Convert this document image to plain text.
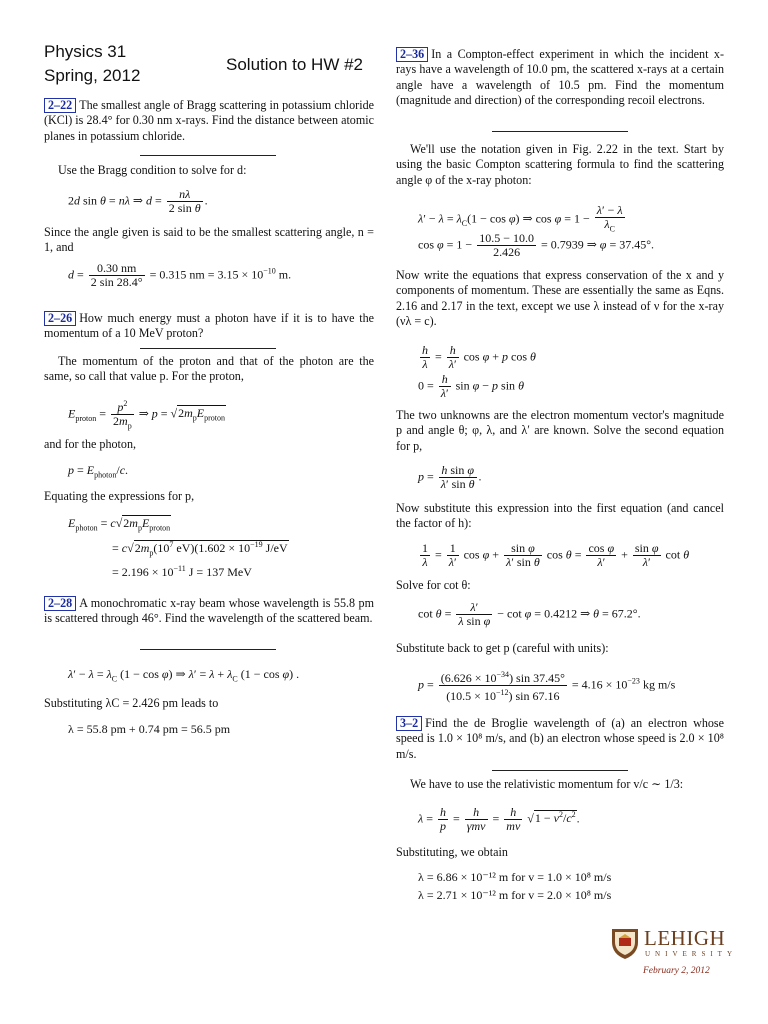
Physics 31
Spring, 2012
Solution to HW #2
2–22 The smallest angle of Bragg scattering in potassium chloride (KCl) is 28.4° for 0.30 nm x-rays. Find the distance between atomic planes in potassium chloride.
Use the Bragg condition to solve for d:
2d sin θ = nλ ⇒ $d = \frac{n\lambda}{\text{2 sin θ}}$ .
Since the angle given is said to be the smallest scattering angle, n = 1, and
$d = \frac{0.30 nm}{2 \sin 28.4^\circ} = 0.315$ nm = $3.15 \times 10^{-10}$ m.
2–26 How much energy must a photon have if it is to have the momentum of a 10 MeV proton?
The momentum of the proton and that of the photon are the same, so call that value p. For the proton,
$E_{proton} = \frac{p^2}{2m_p}$ ⇒ $p = √2m_pE_{proton}$
and for the photon,
$p = E_{photon}/c$.
Equating the expressions for p,
$E_{photon} = c√2m_pE_{proton}$
= $c√2m_p(10^7$ $eV)(1.602 \times 10^{-19}$ J/eV
= $2.196 \times 10^{-11}$ J = 137 MeV
2–28 A monochromatic x-ray beam whose wavelength is 55.8 pm is scattered through 46°. Find the wavelength of the scattered beam.
$\lambda' - \lambda = \lambda_C$ (1 − cos φ) ⇒ $\lambda' = \lambda + \lambda_C$ (1 − cos φ) .
Substituting λC = 2.426 pm leads to
λ = 55.8 pm + 0.74 pm = 56.5 pm
2–36 In a Compton-effect experiment in which the incident x-rays have a wavelength of 10.0 pm, the scattered x-rays at a certain angle have a wavelength of 10.5 pm. Find the momentum (magnitude and direction) of the corresponding recoil electrons.
We'll use the notation given in Fig. 2.22 in the text. Start by using the basic Compton scattering formula to find the scattering angle φ of the x-ray photon:
$\lambda' - \lambda = \lambda_C(1 - \cos \varphi)$ ⇒ $\cos \varphi = 1 - \frac{\lambda' - \lambda}{\lambda_C}$
$\cos \varphi = 1 - \frac{10.5 - 10.0}{2.426} = 0.7939$ ⇒ φ = 37.45°.
Now write the equations that express conservation of the x and y components of momentum. These are essentially the same as Eqns. 2.16 and 2.17 in the text, except we use λ instead of ν for the x-ray (νλ = c).
$\frac{h}{\lambda} = \frac{h}{\lambda'}$ cos φ + p cos θ
$0 = \frac{h}{\lambda'}$ sin φ − p sin θ
The two unknowns are the electron momentum vector's magnitude p and angle θ; φ, λ, and λ′ are known. Solve the second equation for p,
$p = \frac{\text{h sin φ}}{\text{λ′ sin θ}}$ .
Now substitute this expression into the first equation (and cancel the factor of h):
$\frac{1}{\lambda} = \frac{1}{\lambda'}$ $\cos \varphi + \frac{\text{sin φ}}{\text{λ′ sin θ}}$ $\cos \theta = \frac{\text{cos φ}}{\lambda'} + \frac{\text{sin φ}}{\lambda'}$ cot θ
Solve for cot θ:
$\cot \theta = \frac{\lambda'}{\text{λ sin φ}} - \cot \varphi = 0.4212$ ⇒ θ = 67.2°.
Substitute back to get p (careful with units):
$p = \frac{(6.626 \times 10^{-34}) \sin 37.45^\circ}{(10.5 \times 10^{-12}) \sin 67.16} = 4.16 \times 10^{-23}$ kg m/s
3–2 Find the de Broglie wavelength of (a) an electron whose speed is 1.0 × 10⁸ m/s, and (b) an electron whose speed is 2.0 × 10⁸ m/s.
We have to use the relativistic momentum for v/c ∼ 1/3:
$\lambda = \frac{h}{p} = \frac{h}{\text{γmv}} = \frac{h}{mv} √1 - v^2/c^2$.
Substituting, we obtain
λ = 6.86 × 10⁻¹² m for v = 1.0 × 10⁸ m/s
λ = 2.71 × 10⁻¹² m for v = 2.0 × 10⁸ m/s
LEHIGH
UNIVERSITY
February 2, 2012
